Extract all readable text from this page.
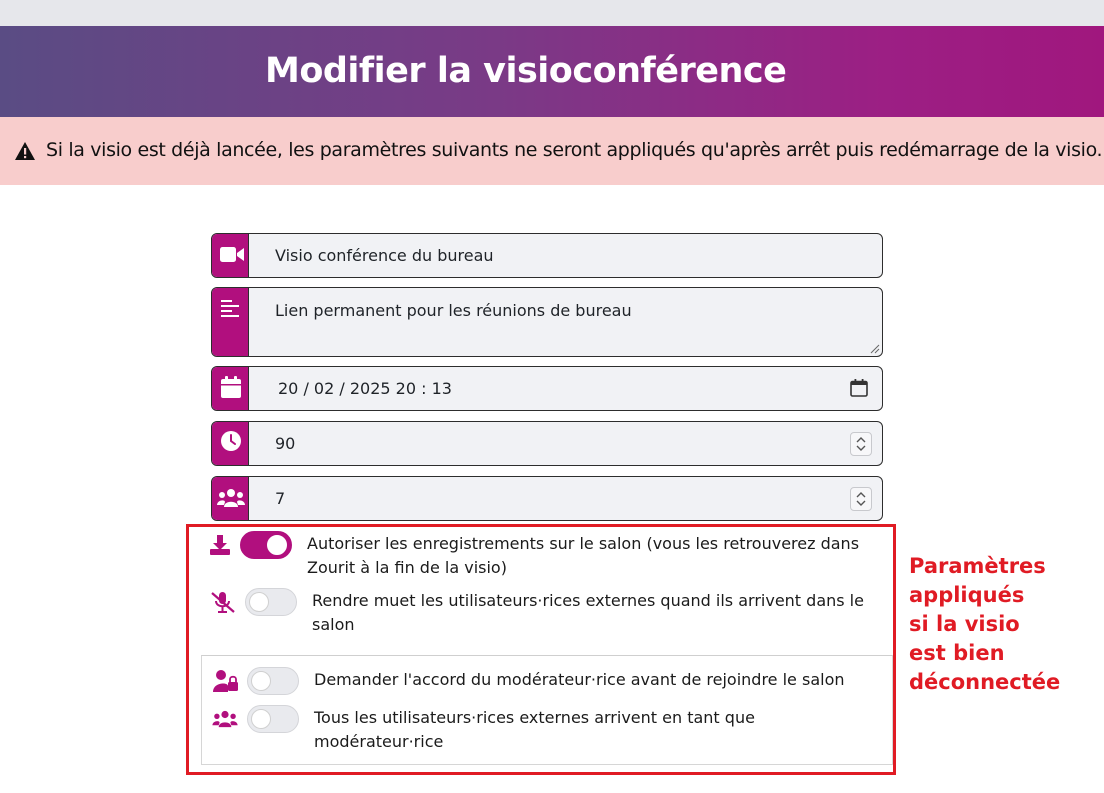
Modifier la visioconférence
Si la visio est déjà lancée, les paramètres suivants ne seront appliqués qu'après arrêt puis redémarrage de la visio.
Visio conférence du bureau
Lien permanent pour les réunions de bureau
20 / 02 / 2025 20 : 13
90
7
Autoriser les enregistrements sur le salon (vous les retrouverez dans Zourit à la fin de la visio)
Rendre muet les utilisateurs·rices externes quand ils arrivent dans le salon
Demander l'accord du modérateur·rice avant de rejoindre le salon
Tous les utilisateurs·rices externes arrivent en tant que modérateur·rice
Paramètres
appliqués
si la visio
est bien
déconnectée
